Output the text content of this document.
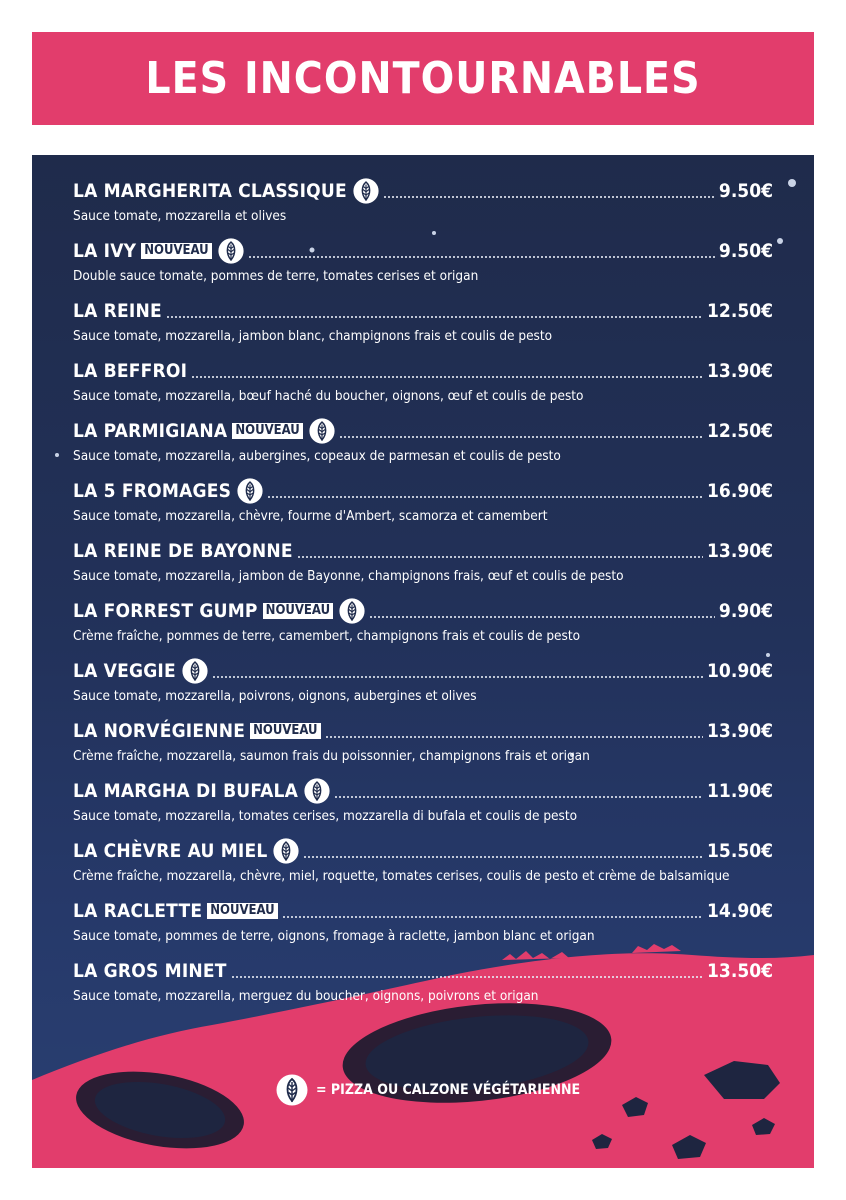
LES INCONTOURNABLES
LA MARGHERITA CLASSIQUE	9.50€
Sauce tomate, mozzarella et olives
LA IVY NOUVEAU	9.50€
Double sauce tomate, pommes de terre, tomates cerises et origan
LA REINE	12.50€
Sauce tomate, mozzarella, jambon blanc, champignons frais et coulis de pesto
LA BEFFROI	13.90€
Sauce tomate, mozzarella, bœuf haché du boucher, oignons, œuf et coulis de pesto
LA PARMIGIANA NOUVEAU	12.50€
Sauce tomate, mozzarella, aubergines, copeaux de parmesan et coulis de pesto
LA 5 FROMAGES	16.90€
Sauce tomate, mozzarella, chèvre, fourme d'Ambert, scamorza et camembert
LA REINE DE BAYONNE	13.90€
Sauce tomate, mozzarella, jambon de Bayonne, champignons frais, œuf et coulis de pesto
LA FORREST GUMP NOUVEAU	9.90€
Crème fraîche, pommes de terre, camembert, champignons frais et coulis de pesto
LA VEGGIE	10.90€
Sauce tomate, mozzarella, poivrons, oignons, aubergines et olives
LA NORVÉGIENNE NOUVEAU	13.90€
Crème fraîche, mozzarella, saumon frais du poissonnier, champignons frais et origan
LA MARGHA DI BUFALA	11.90€
Sauce tomate, mozzarella, tomates cerises, mozzarella di bufala et coulis de pesto
LA CHÈVRE AU MIEL	15.50€
Crème fraîche, mozzarella, chèvre, miel, roquette, tomates cerises, coulis de pesto et crème de balsamique
LA RACLETTE NOUVEAU	14.90€
Sauce tomate, pommes de terre, oignons, fromage à raclette, jambon blanc et origan
LA GROS MINET	13.50€
Sauce tomate, mozzarella, merguez du boucher, oignons, poivrons et origan
= PIZZA OU CALZONE VÉGÉTARIENNE
